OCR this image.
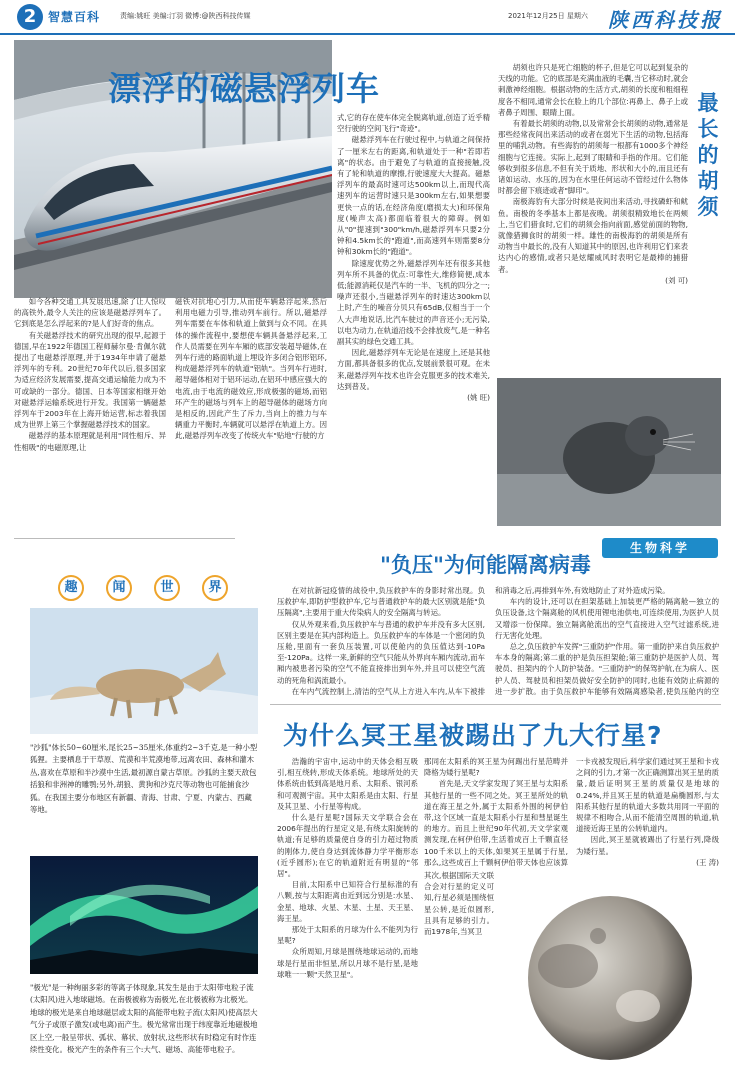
2 智慧百科	责编:姚旺 美编:汀羽 微博:@陕西科技传媒	2021年12月25日 星期六 陕西科技报
漂浮的磁悬浮列车

如今各种交通工具发展迅速,除了让人惊叹的高铁外,最令人关注的应该是磁悬浮列车了。它到底是怎么浮起来的?是人们好奇的焦点。

有关磁悬浮技术的研究出现的很早,起源于德国,早在1922年德国工程师赫尔曼·肯佩尔就提出了电磁悬浮原理,并于1934年申请了磁悬浮列车的专利。20世纪70年代以后,很多国家为适应经济发展需要,提高交通运输能力成为不可或缺的一部分。德国、日本等国家相继开始对磁悬浮运输系统进行开发。我国第一辆磁悬浮列车于2003年在上海开始运营,标志着我国成为世界上第三个掌握磁悬浮技术的国家。

磁悬浮的基本原理就是利用"同性相斥、异性相吸"的电磁原理,让

磁铁对抗地心引力,从而使车辆悬浮起来,然后利用电磁力引导,推动列车前行。所以,磁悬浮列车需要在车体和轨道上做到与众不同。在具体的操作流程中,要想使车辆具备悬浮起来,工作人员需要在列车车厢的底部安装超导磁体,在列车行进的路面轨道上埋设许多闭合铝形铝环,构成磁悬浮列车的轨道"铝轨"。当列车行进时,超导磁体相对于铝环运动,在铝环中感应强大的电流,由于电流的磁效应,形成极强的磁场,而铝环产生的磁场与列车上的超导磁体的磁场方向是相反的,因此产生了斥力,当向上的推力与车辆重力平衡时,车辆就可以悬浮在轨道上方。因此,磁悬浮列车改变了传统火车"贴地"行驶的方

式,它的存在使车体完全脱离轨道,创造了近乎精空行驶的空间飞行"奇迹"。

磁悬浮列车在行驶过程中,与轨道之间保持了一厘米左右的距离,和轨道处于一种"若即若离"的状态。由于避免了与轨道的直接接触,没有了轮和轨道的摩擦,行驶速度大大提高。磁悬浮列车的最高时速可达500km以上,而现代高速列车的运营时速只是300km左右,如果想要更快一点的话,在经济角度(磨损太大)和环保角度(噪声太高)都面临着很大的障碍。例如从"0"提速到"300"km/h,磁悬浮列车只要2分钟和4.5km长的"跑道",而高速列车则需要8分钟和30km长的"跑道"。

除速度优势之外,磁悬浮列车还有很多其他列车所不具备的优点:可靠性大,维修简便,成本低;能源消耗仅是汽车的一半、飞机的四分之一;噪声还很小,当磁悬浮列车的时速达300km以上时,产生的噪音分贝只有65dB,仅相当于一个人大声地说话,比汽车驶过的声音还小;无污染,以电为动力,在轨道沿线不会排放废气,是一种名副其实的绿色交通工具。

因此,磁悬浮列车无论是在速度上,还是其他方面,都具备很多的优点,发展前景很可观。在未来,磁悬浮列车技术也许会克服更多的技术难关,达到普及。

(姚 旺)

最长的胡须

胡须也许只是死亡细胞的杯子,但是它可以起到复杂的天线的功能。它的底部是充满血液的毛囊,当它移动时,就会刺激神经细胞。根据动物的生活方式,胡须的长度和粗细程度各不相同,通常会长在脸上的几个部位:再鼻上、鼻子上或者鼻子周围、眼睛上面。

有着最长胡须的动物,以及常常会长胡须的动物,通常是那些经常夜间出来活动的或者在弱光下生活的动物,包括海里的哺乳动物。有些海豹的胡须每一根都有1000多个神经细胞与它连接。实际上,起到了眼睛和手指的作用。它们能够收到很多信息,不但有关于质地、形状和大小的,而且还有诸如运动、水压的,因为在水里任何运动不管经过什么物体时都会留下痕迹或者"脚印"。

南极海豹有大部分时候是夜间出来活动,寻找磷虾和鱿鱼。南极的冬季基本上都是夜晚。胡须很精致地长在两颊上,当它们猎食时,它们的胡须会指向前面,感觉前面的物物,就像猎狮食时的胡须一样。雄性的南极海豹的胡须是所有动物当中最长的,没有人知道其中的原因,也许利用它们来表达内心的感情,或者只是炫耀威风时表明它是最棒的捕猎者。

(刘 可)

生物科学
趣	闻	世	界
"沙狐"体长50~60厘米,尾长25~35厘米,体重约2~3千克,是一种小型狐狸。主要栖息于干草原、荒漠和半荒漠地带,远离农田、森林和灌木丛,喜欢在草原和半沙漠中生活,最初源自蒙古草原。沙狐的主要天敌包括狼和非洲神的雕鹗;另外,胡狼、黄狗和沙克尺等动物也可能捕食沙狐。在我国主要分布地区有新疆、青海、甘肃、宁夏、内蒙古、西藏等地。
"极光"是一种绚丽多彩的等离子体现象,其发生是由于太阳带电粒子流(太阳风)进入地球磁场。在南极被称为南极光,在北极被称为北极光。地球的极光是来自地球磁层或太阳的高能带电粒子流(太阳风)使高层大气分子或原子激发(或电离)而产生。极光常常出现于纬度靠近地磁极地区上空,一般呈带状、弧状、幕状、放射状,这些形状有时稳定有时作连续性变化。极光产生的条件有三个:大气、磁场、高能带电粒子。
"负压"为何能隔离病毒

在对抗新冠疫情的战役中,负压救护车的身影时常出现。负压救护车,即防护型救护车,它与普通救护车的最大区别就是能"负压隔离",主要用于重大传染病人的安全隔离与转运。

仅从外观来看,负压救护车与普通的救护车并没有多大区别,区别主要是在其内部构造上。负压救护车的车体是一个密闭的负压舱,里面有一套负压装置,可以使舱内的负压值达到-10Pa至-120Pa。这样一来,新鲜的空气只能从外界向车厢内流动,而车厢内被患者污染的空气不能直接排出到车外,并且可以使空气流动的死角和涡流最小。

在车内气流控制上,清洁的空气从上方进入车内,从车下被排

和消毒之后,再排到车外,有效地防止了对外造成污染。

车内的设计,还可以在担架基础上加装更严格的隔离舱—独立的负压设备,这个隔离舱的风机使用锂电池供电,可连续使用,为医护人员又增添一份保障。独立隔离舱流出的空气直接进入空气过滤系统,进行无害化处理。

总之,负压救护车发挥"三重防护"作用。第一重防护来自负压救护车本身的隔离;第二重的护是负压担架舱;第三重防护是医护人员、驾驶员、担架内的个人防护装备。"三重防护"的保驾护航,在为病人、医护人员、驾驶员和担架员做好安全防护的同时,也能有效防止病源的进一步扩散。由于负压救护车能够有效隔离感染者,使负压舱内的空

为什么冥王星被踢出了九大行星?

浩瀚的宇宙中,运动中的天体会相互吸引,相互绕转,形成天体系统。地球所处的天体系统由低到高是地月系、太阳系、银河系和可观测宇宙。其中太阳系是由太阳、行星及其卫星、小行星等构成。

什么是行星呢?国际天文学联合会在2006年提出的行星定义是,有绕太阳旋转的轨道;有足够的质量使自身的引力超过物质的刚体力,使自身达到流体静力学平衡形态(近乎圆形);在它的轨道附近有明显的"邻居"。

目前,太阳系中已知符合行星标准的有八颗,按与太阳距离由近到远分别是:水星、金星、地球、火星、木星、土星、天王星、海王星。

那处于太阳系的月球为什么不能列为行星呢?

众所周知,月球是围绕地球运动的,而地球是行星而非恒星,所以月球不是行星,是地球唯一一颗"天然卫星"。

那同在太阳系的冥王星为何踢出行星范畴并降格为矮行星呢?

首先是,天文学家发现了冥王星与太阳系其他行星的一些不同之处。冥王星所处的轨道在海王星之外,属于太阳系外围的柯伊伯带,这个区域一直是太阳系小行星和彗星诞生的地方。而且上世纪90年代初,天文学家观测发现,在柯伊伯带,生活着成百上千颗直径100千米以上的天体,如果冥王星属于行星,那么,这些成百上千颗柯伊伯带天体也应该算

其次,根据国际天文联合会对行星的定义可知,行星必须是围绕恒星公转,是近似圆形,且具有足够的引力。而1978年,当冥卫

一卡戎被发现后,科学家们通过冥王星和卡戎之间的引力,才第一次正确测算出冥王星的质量,最后证明冥王星的质量仅是地球的0.24%,并且冥王星的轨道是扁椭圆形,与太阳系其他行星的轨道大多数共用同一平面的规律不相吻合,从而不能清空周围的轨道,轨道接近海王星的公转轨道内。

因此,冥王星就被踢出了行星行列,降级为矮行星。

(王 涛)
